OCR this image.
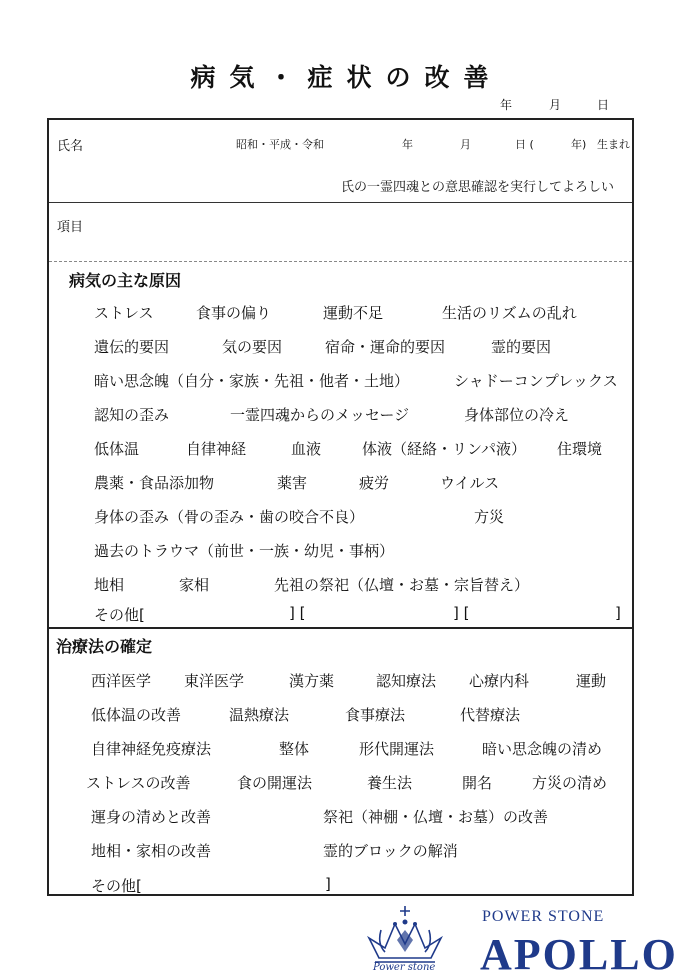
病気・症状の改善
年	月	日
氏名	昭和・平成・令和	年	月	日 (	年) 生まれ
氏の一霊四魂との意思確認を実行してよろしい
項目
病気の主な原因
ストレス	食事の偏り	運動不足	生活のリズムの乱れ
遺伝的要因	気の要因	宿命・運命的要因	霊的要因
暗い思念魄（自分・家族・先祖・他者・土地）	シャドーコンプレックス
認知の歪み	一霊四魂からのメッセージ	身体部位の冷え
低体温	自律神経	血液	体液（経絡・リンパ液） 住環境
農薬・食品添加物	薬害	疲労	ウイルス
身体の歪み（骨の歪み・歯の咬合不良）	方災
過去のトラウマ（前世・一族・幼児・事柄）
地相	家相	先祖の祭祀（仏壇・お墓・宗旨替え）
その他[	] [	] [	]
治療法の確定
西洋医学 東洋医学	漢方薬	認知療法 心療内科	運動
低体温の改善	温熱療法	食事療法	代替療法
自律神経免疫療法	整体	形代開運法	暗い思念魄の清め
ストレスの改善	食の開運法	養生法	開名	方災の清め
運身の清めと改善	祭祀（神棚・仏壇・お墓）の改善
地相・家相の改善	霊的ブロックの解消
その他[	]
Power stone
POWER STONE
APOLLO
